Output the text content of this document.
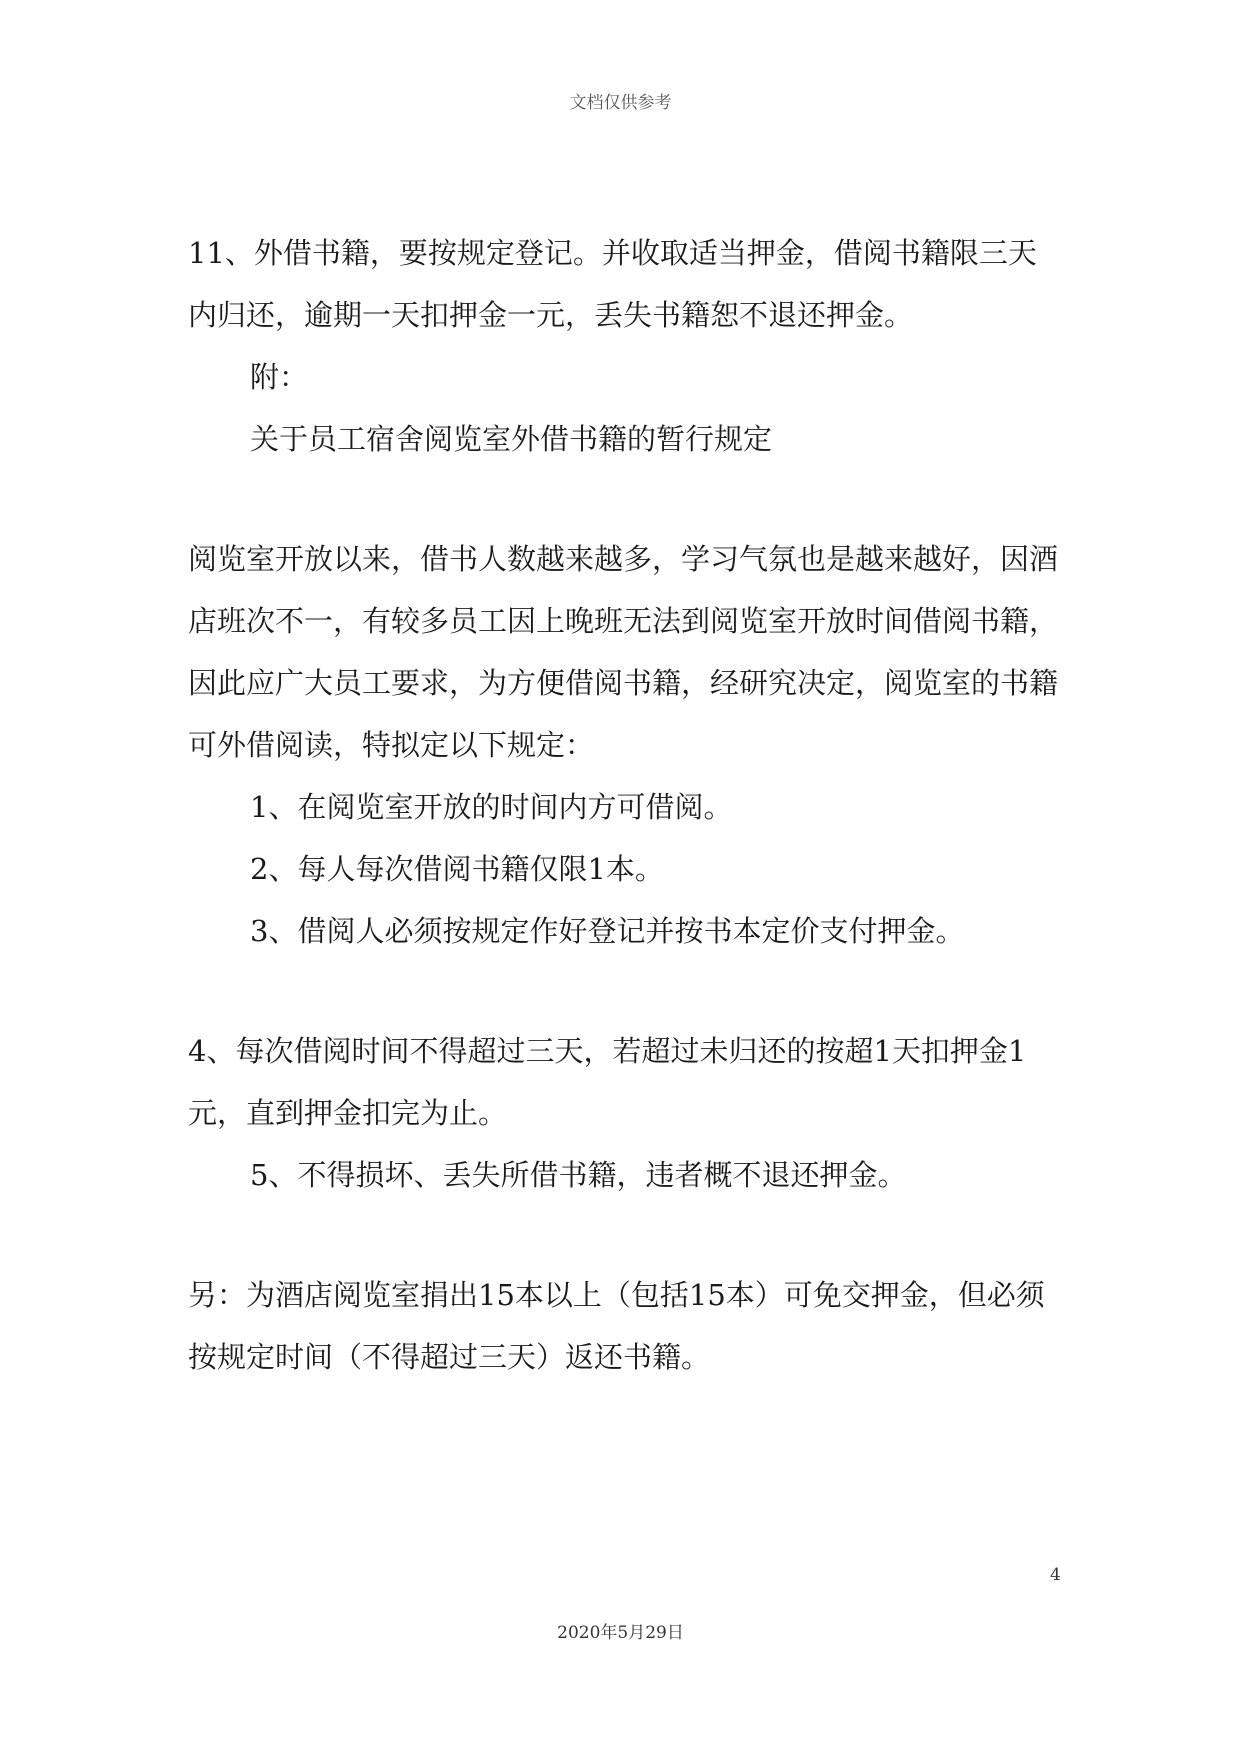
文档仅供参考

11、外借书籍，要按规定登记。并收取适当押金，借阅书籍限三天内归还，逾期一天扣押金一元，丢失书籍恕不退还押金。

附：

关于员工宿舍阅览室外借书籍的暂行规定

阅览室开放以来，借书人数越来越多，学习气氛也是越来越好，因酒店班次不一，有较多员工因上晚班无法到阅览室开放时间借阅书籍，因此应广大员工要求，为方便借阅书籍，经研究决定，阅览室的书籍可外借阅读，特拟定以下规定：

1、在阅览室开放的时间内方可借阅。

2、每人每次借阅书籍仅限1本。

3、借阅人必须按规定作好登记并按书本定价支付押金。

4、每次借阅时间不得超过三天，若超过未归还的按超1天扣押金1元，直到押金扣完为止。

5、不得损坏、丢失所借书籍，违者概不退还押金。

另：为酒店阅览室捐出15本以上（包括15本）可免交押金，但必须按规定时间（不得超过三天）返还书籍。

4
2020年5月29日
